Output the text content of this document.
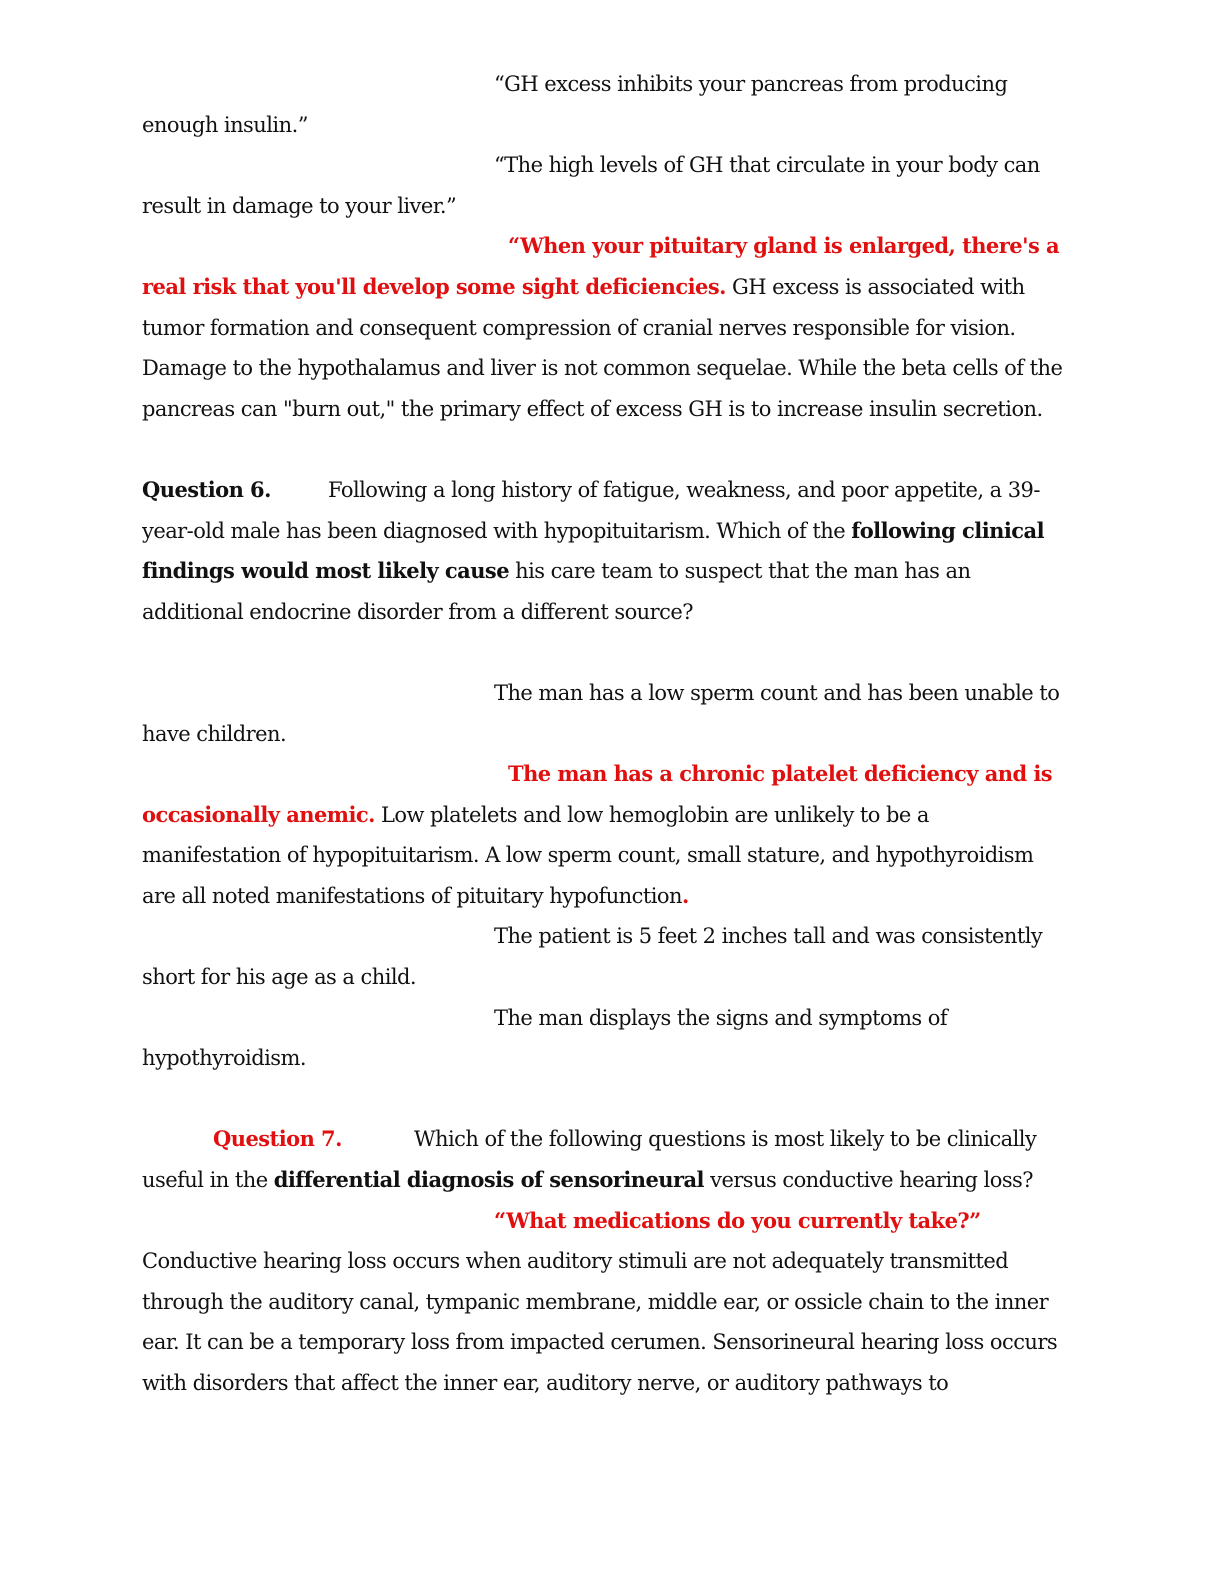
“GH excess inhibits your pancreas from producing enough insulin.”

“The high levels of GH that circulate in your body can result in damage to your liver.”

“When your pituitary gland is enlarged, there's a real risk that you'll develop some sight deficiencies. GH excess is associated with tumor formation and consequent compression of cranial nerves responsible for vision. Damage to the hypothalamus and liver is not common sequelae. While the beta cells of the pancreas can "burn out," the primary effect of excess GH is to increase insulin secretion.

Question 6.	Following a long history of fatigue, weakness, and poor appetite, a 39-year-old male has been diagnosed with hypopituitarism. Which of the following clinical findings would most likely cause his care team to suspect that the man has an additional endocrine disorder from a different source?

The man has a low sperm count and has been unable to have children.

The man has a chronic platelet deficiency and is occasionally anemic. Low platelets and low hemoglobin are unlikely to be a manifestation of hypopituitarism. A low sperm count, small stature, and hypothyroidism are all noted manifestations of pituitary hypofunction.

The patient is 5 feet 2 inches tall and was consistently short for his age as a child.

The man displays the signs and symptoms of hypothyroidism.

Question 7.	Which of the following questions is most likely to be clinically useful in the differential diagnosis of sensorineural versus conductive hearing loss?

“What medications do you currently take?”

Conductive hearing loss occurs when auditory stimuli are not adequately transmitted through the auditory canal, tympanic membrane, middle ear, or ossicle chain to the inner ear. It can be a temporary loss from impacted cerumen. Sensorineural hearing loss occurs with disorders that affect the inner ear, auditory nerve, or auditory pathways to
